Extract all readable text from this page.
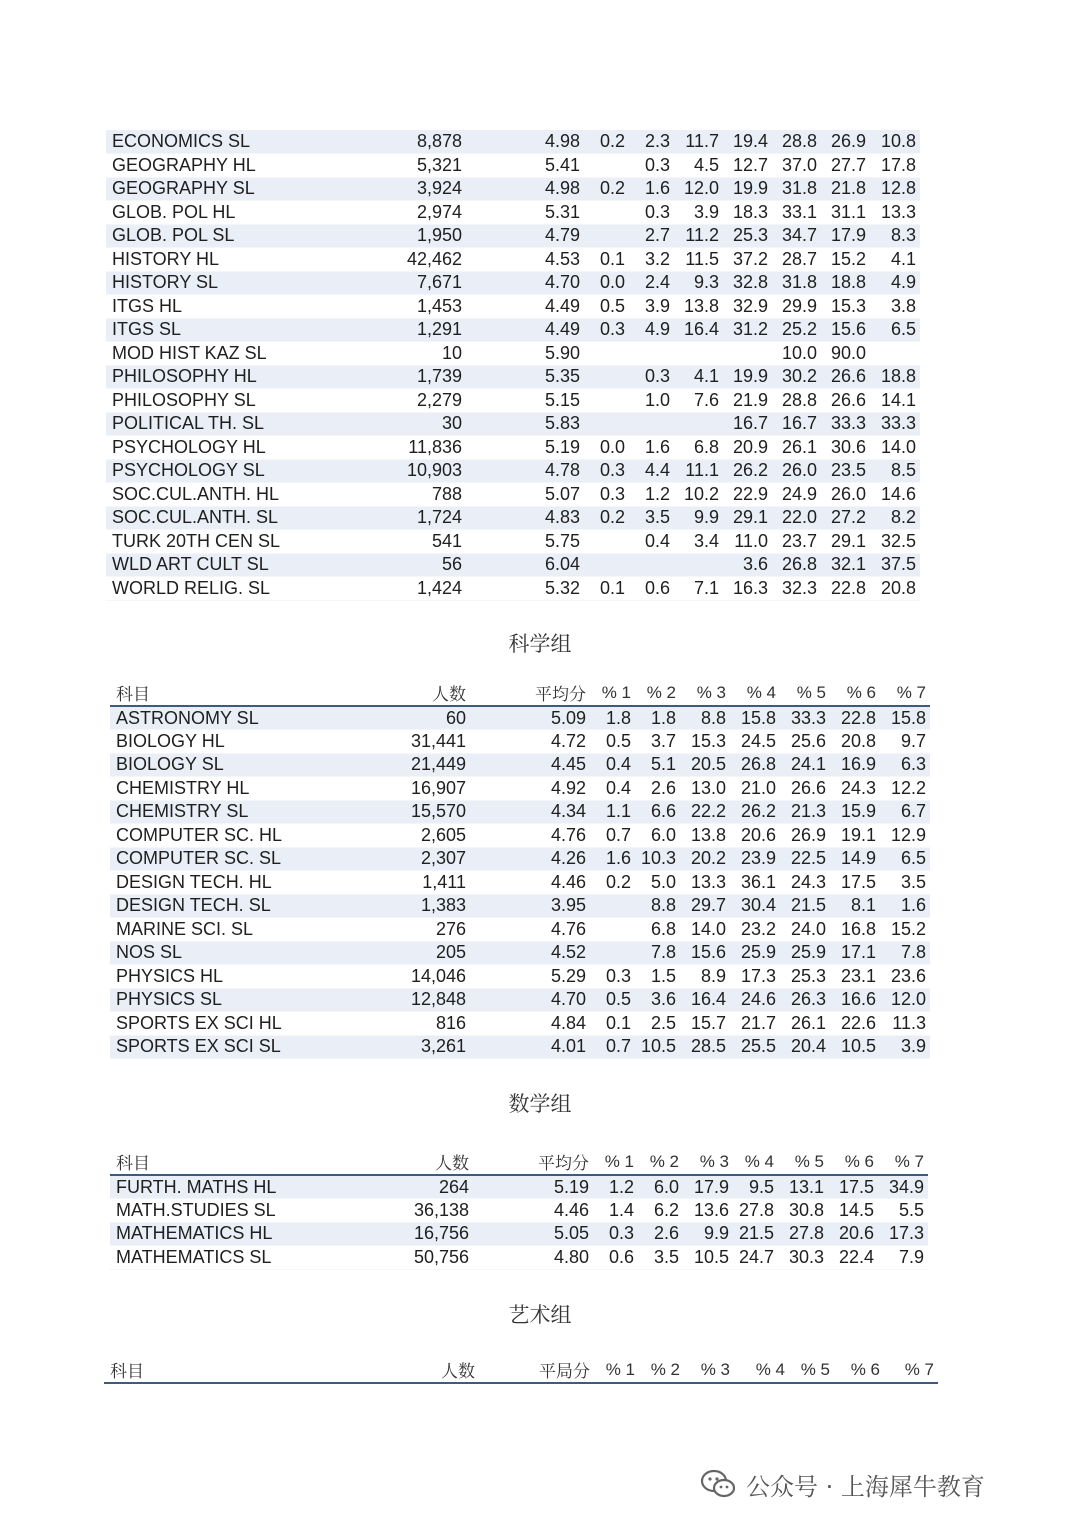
ECONOMICS SL	8,878	4.98	0.2	2.3	11.7	19.4	28.8	26.9	10.8
GEOGRAPHY HL	5,321	5.41		0.3	4.5	12.7	37.0	27.7	17.8
GEOGRAPHY SL	3,924	4.98	0.2	1.6	12.0	19.9	31.8	21.8	12.8
GLOB. POL HL	2,974	5.31		0.3	3.9	18.3	33.1	31.1	13.3
GLOB. POL SL	1,950	4.79		2.7	11.2	25.3	34.7	17.9	8.3
HISTORY HL	42,462	4.53	0.1	3.2	11.5	37.2	28.7	15.2	4.1
HISTORY SL	7,671	4.70	0.0	2.4	9.3	32.8	31.8	18.8	4.9
ITGS HL	1,453	4.49	0.5	3.9	13.8	32.9	29.9	15.3	3.8
ITGS SL	1,291	4.49	0.3	4.9	16.4	31.2	25.2	15.6	6.5
MOD HIST KAZ SL	10	5.90					10.0	90.0	
PHILOSOPHY HL	1,739	5.35		0.3	4.1	19.9	30.2	26.6	18.8
PHILOSOPHY SL	2,279	5.15		1.0	7.6	21.9	28.8	26.6	14.1
POLITICAL TH. SL	30	5.83				16.7	16.7	33.3	33.3
PSYCHOLOGY HL	11,836	5.19	0.0	1.6	6.8	20.9	26.1	30.6	14.0
PSYCHOLOGY SL	10,903	4.78	0.3	4.4	11.1	26.2	26.0	23.5	8.5
SOC.CUL.ANTH. HL	788	5.07	0.3	1.2	10.2	22.9	24.9	26.0	14.6
SOC.CUL.ANTH. SL	1,724	4.83	0.2	3.5	9.9	29.1	22.0	27.2	8.2
TURK 20TH CEN SL	541	5.75		0.4	3.4	11.0	23.7	29.1	32.5
WLD ART CULT SL	56	6.04				3.6	26.8	32.1	37.5
WORLD RELIG. SL	1,424	5.32	0.1	0.6	7.1	16.3	32.3	22.8	20.8
科学组
科目	人数	平均分	% 1	% 2	% 3	% 4	% 5	% 6	% 7
ASTRONOMY SL	60	5.09	1.8	1.8	8.8	15.8	33.3	22.8	15.8
BIOLOGY HL	31,441	4.72	0.5	3.7	15.3	24.5	25.6	20.8	9.7
BIOLOGY SL	21,449	4.45	0.4	5.1	20.5	26.8	24.1	16.9	6.3
CHEMISTRY HL	16,907	4.92	0.4	2.6	13.0	21.0	26.6	24.3	12.2
CHEMISTRY SL	15,570	4.34	1.1	6.6	22.2	26.2	21.3	15.9	6.7
COMPUTER SC. HL	2,605	4.76	0.7	6.0	13.8	20.6	26.9	19.1	12.9
COMPUTER SC. SL	2,307	4.26	1.6	10.3	20.2	23.9	22.5	14.9	6.5
DESIGN TECH. HL	1,411	4.46	0.2	5.0	13.3	36.1	24.3	17.5	3.5
DESIGN TECH. SL	1,383	3.95		8.8	29.7	30.4	21.5	8.1	1.6
MARINE SCI. SL	276	4.76		6.8	14.0	23.2	24.0	16.8	15.2
NOS SL	205	4.52		7.8	15.6	25.9	25.9	17.1	7.8
PHYSICS HL	14,046	5.29	0.3	1.5	8.9	17.3	25.3	23.1	23.6
PHYSICS SL	12,848	4.70	0.5	3.6	16.4	24.6	26.3	16.6	12.0
SPORTS EX SCI HL	816	4.84	0.1	2.5	15.7	21.7	26.1	22.6	11.3
SPORTS EX SCI SL	3,261	4.01	0.7	10.5	28.5	25.5	20.4	10.5	3.9
数学组
科目	人数	平均分	% 1	% 2	% 3	% 4	% 5	% 6	% 7
FURTH. MATHS HL	264	5.19	1.2	6.0	17.9	9.5	13.1	17.5	34.9
MATH.STUDIES SL	36,138	4.46	1.4	6.2	13.6	27.8	30.8	14.5	5.5
MATHEMATICS HL	16,756	5.05	0.3	2.6	9.9	21.5	27.8	20.6	17.3
MATHEMATICS SL	50,756	4.80	0.6	3.5	10.5	24.7	30.3	22.4	7.9
艺术组
科目	人数	平局分	% 1	% 2	% 3	% 4	% 5	% 6	% 7
公众号 · 上海犀牛教育
